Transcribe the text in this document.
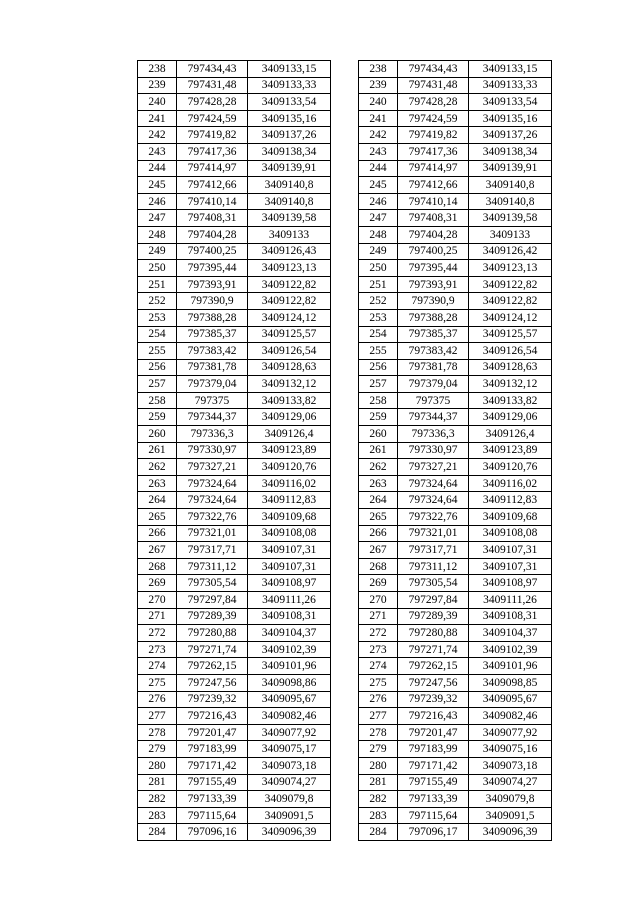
238	797434,43	3409133,15
239	797431,48	3409133,33
240	797428,28	3409133,54
241	797424,59	3409135,16
242	797419,82	3409137,26
243	797417,36	3409138,34
244	797414,97	3409139,91
245	797412,66	3409140,8
246	797410,14	3409140,8
247	797408,31	3409139,58
248	797404,28	3409133
249	797400,25	3409126,43
250	797395,44	3409123,13
251	797393,91	3409122,82
252	797390,9	3409122,82
253	797388,28	3409124,12
254	797385,37	3409125,57
255	797383,42	3409126,54
256	797381,78	3409128,63
257	797379,04	3409132,12
258	797375	3409133,82
259	797344,37	3409129,06
260	797336,3	3409126,4
261	797330,97	3409123,89
262	797327,21	3409120,76
263	797324,64	3409116,02
264	797324,64	3409112,83
265	797322,76	3409109,68
266	797321,01	3409108,08
267	797317,71	3409107,31
268	797311,12	3409107,31
269	797305,54	3409108,97
270	797297,84	3409111,26
271	797289,39	3409108,31
272	797280,88	3409104,37
273	797271,74	3409102,39
274	797262,15	3409101,96
275	797247,56	3409098,86
276	797239,32	3409095,67
277	797216,43	3409082,46
278	797201,47	3409077,92
279	797183,99	3409075,17
280	797171,42	3409073,18
281	797155,49	3409074,27
282	797133,39	3409079,8
283	797115,64	3409091,5
284	797096,16	3409096,39
238	797434,43	3409133,15
239	797431,48	3409133,33
240	797428,28	3409133,54
241	797424,59	3409135,16
242	797419,82	3409137,26
243	797417,36	3409138,34
244	797414,97	3409139,91
245	797412,66	3409140,8
246	797410,14	3409140,8
247	797408,31	3409139,58
248	797404,28	3409133
249	797400,25	3409126,42
250	797395,44	3409123,13
251	797393,91	3409122,82
252	797390,9	3409122,82
253	797388,28	3409124,12
254	797385,37	3409125,57
255	797383,42	3409126,54
256	797381,78	3409128,63
257	797379,04	3409132,12
258	797375	3409133,82
259	797344,37	3409129,06
260	797336,3	3409126,4
261	797330,97	3409123,89
262	797327,21	3409120,76
263	797324,64	3409116,02
264	797324,64	3409112,83
265	797322,76	3409109,68
266	797321,01	3409108,08
267	797317,71	3409107,31
268	797311,12	3409107,31
269	797305,54	3409108,97
270	797297,84	3409111,26
271	797289,39	3409108,31
272	797280,88	3409104,37
273	797271,74	3409102,39
274	797262,15	3409101,96
275	797247,56	3409098,85
276	797239,32	3409095,67
277	797216,43	3409082,46
278	797201,47	3409077,92
279	797183,99	3409075,16
280	797171,42	3409073,18
281	797155,49	3409074,27
282	797133,39	3409079,8
283	797115,64	3409091,5
284	797096,17	3409096,39
